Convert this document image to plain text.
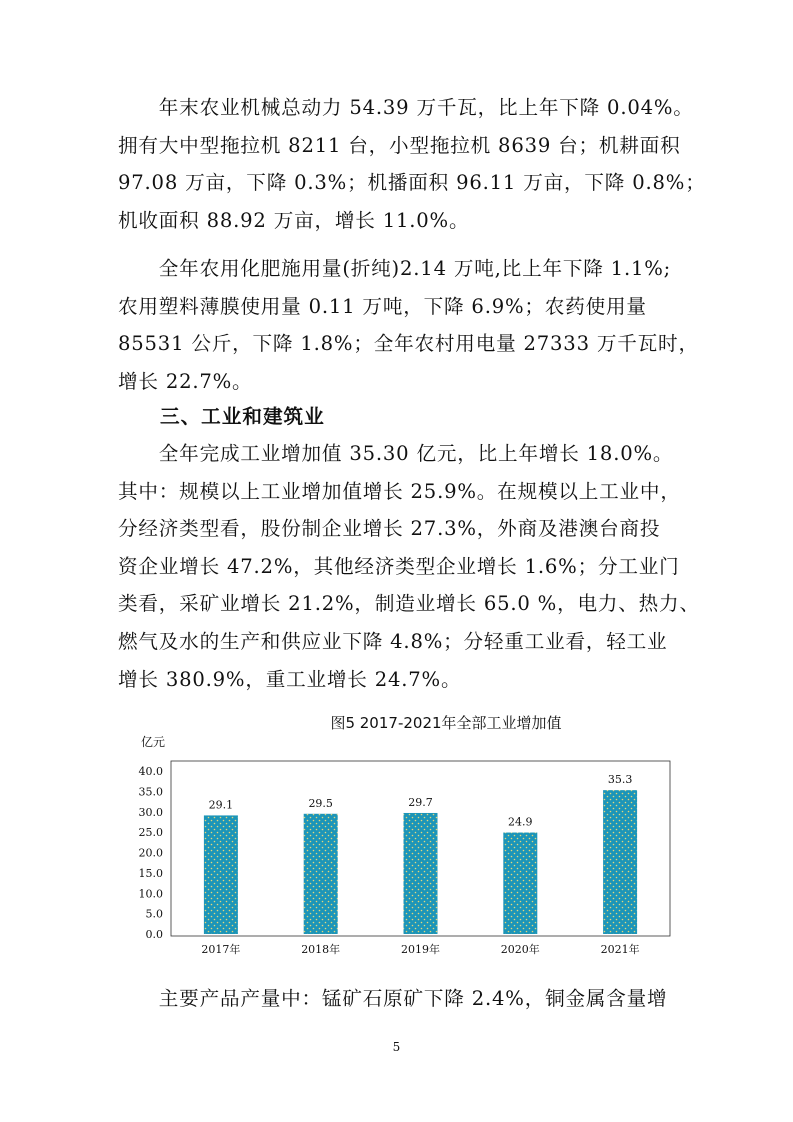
　　年末农业机械总动力 54.39 万千瓦，比上年下降 0.04%。
拥有大中型拖拉机 8211 台，小型拖拉机 8639 台；机耕面积
97.08 万亩，下降 0.3%；机播面积 96.11 万亩，下降 0.8%；
机收面积 88.92 万亩，增长 11.0%。
　　全年农用化肥施用量(折纯)2.14 万吨,比上年下降 1.1%;
农用塑料薄膜使用量 0.11 万吨，下降 6.9%；农药使用量
85531 公斤，下降 1.8%；全年农村用电量 27333 万千瓦时，
增长 22.7%。
三、工业和建筑业
　　全年完成工业增加值 35.30 亿元，比上年增长 18.0%。
其中：规模以上工业增加值增长 25.9%。在规模以上工业中，
分经济类型看，股份制企业增长 27.3%，外商及港澳台商投
资企业增长 47.2%，其他经济类型企业增长 1.6%；分工业门
类看，采矿业增长 21.2%，制造业增长 65.0 %，电力、热力、
燃气及水的生产和供应业下降 4.8%；分轻重工业看，轻工业
增长 380.9%，重工业增长 24.7%。
图5 2017-2021年全部工业增加值
亿元
0.0
5.0
10.0
15.0
20.0
25.0
30.0
35.0
40.0
29.1	29.5	29.7
24.9
35.3
2017年	2018年	2019年	2020年	2021年
　　主要产品产量中：锰矿石原矿下降 2.4%，铜金属含量增
5
